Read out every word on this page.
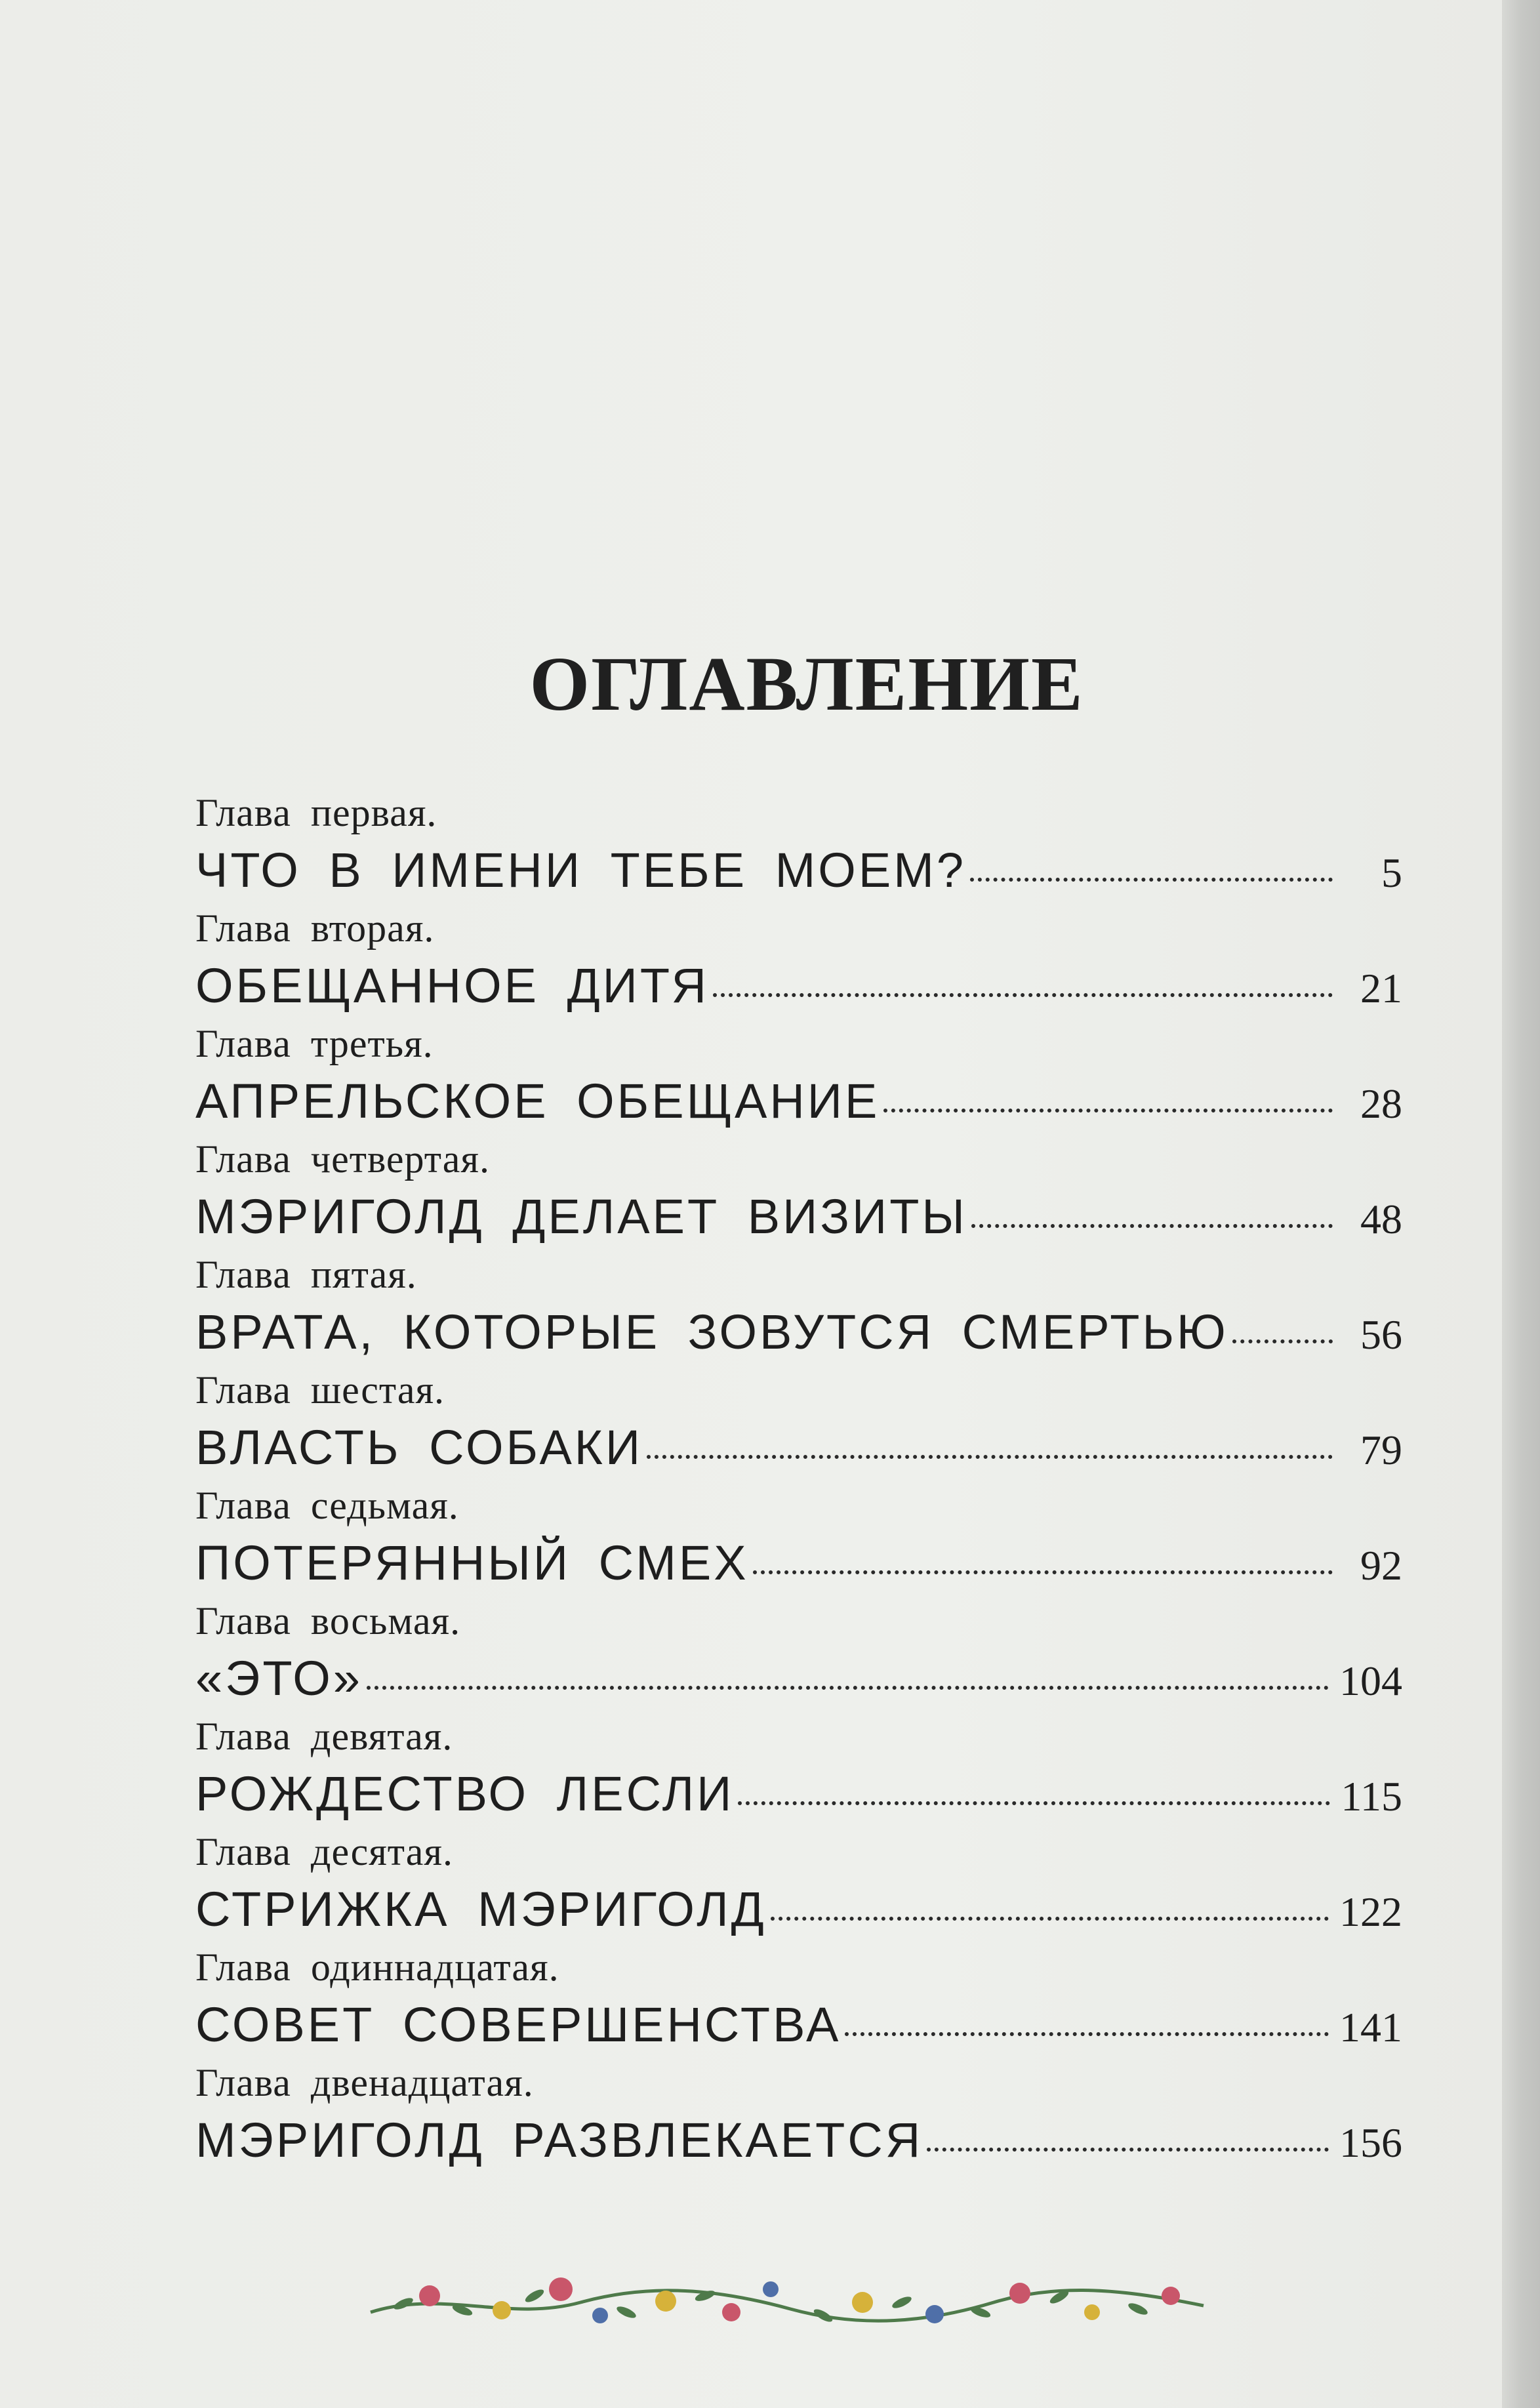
ОГЛАВЛЕНИЕ
Глава первая.
ЧТО В ИМЕНИ ТЕБЕ МОЕМ?	5
Глава вторая.
ОБЕЩАННОЕ ДИТЯ	21
Глава третья.
АПРЕЛЬСКОЕ ОБЕЩАНИЕ	28
Глава четвертая.
МЭРИГОЛД ДЕЛАЕТ ВИЗИТЫ	48
Глава пятая.
ВРАТА, КОТОРЫЕ ЗОВУТСЯ СМЕРТЬЮ	56
Глава шестая.
ВЛАСТЬ СОБАКИ	79
Глава седьмая.
ПОТЕРЯННЫЙ СМЕХ	92
Глава восьмая.
«ЭТО»	104
Глава девятая.
РОЖДЕСТВО ЛЕСЛИ	115
Глава десятая.
СТРИЖКА МЭРИГОЛД	122
Глава одиннадцатая.
СОВЕТ СОВЕРШЕНСТВА	141
Глава двенадцатая.
МЭРИГОЛД РАЗВЛЕКАЕТСЯ	156
